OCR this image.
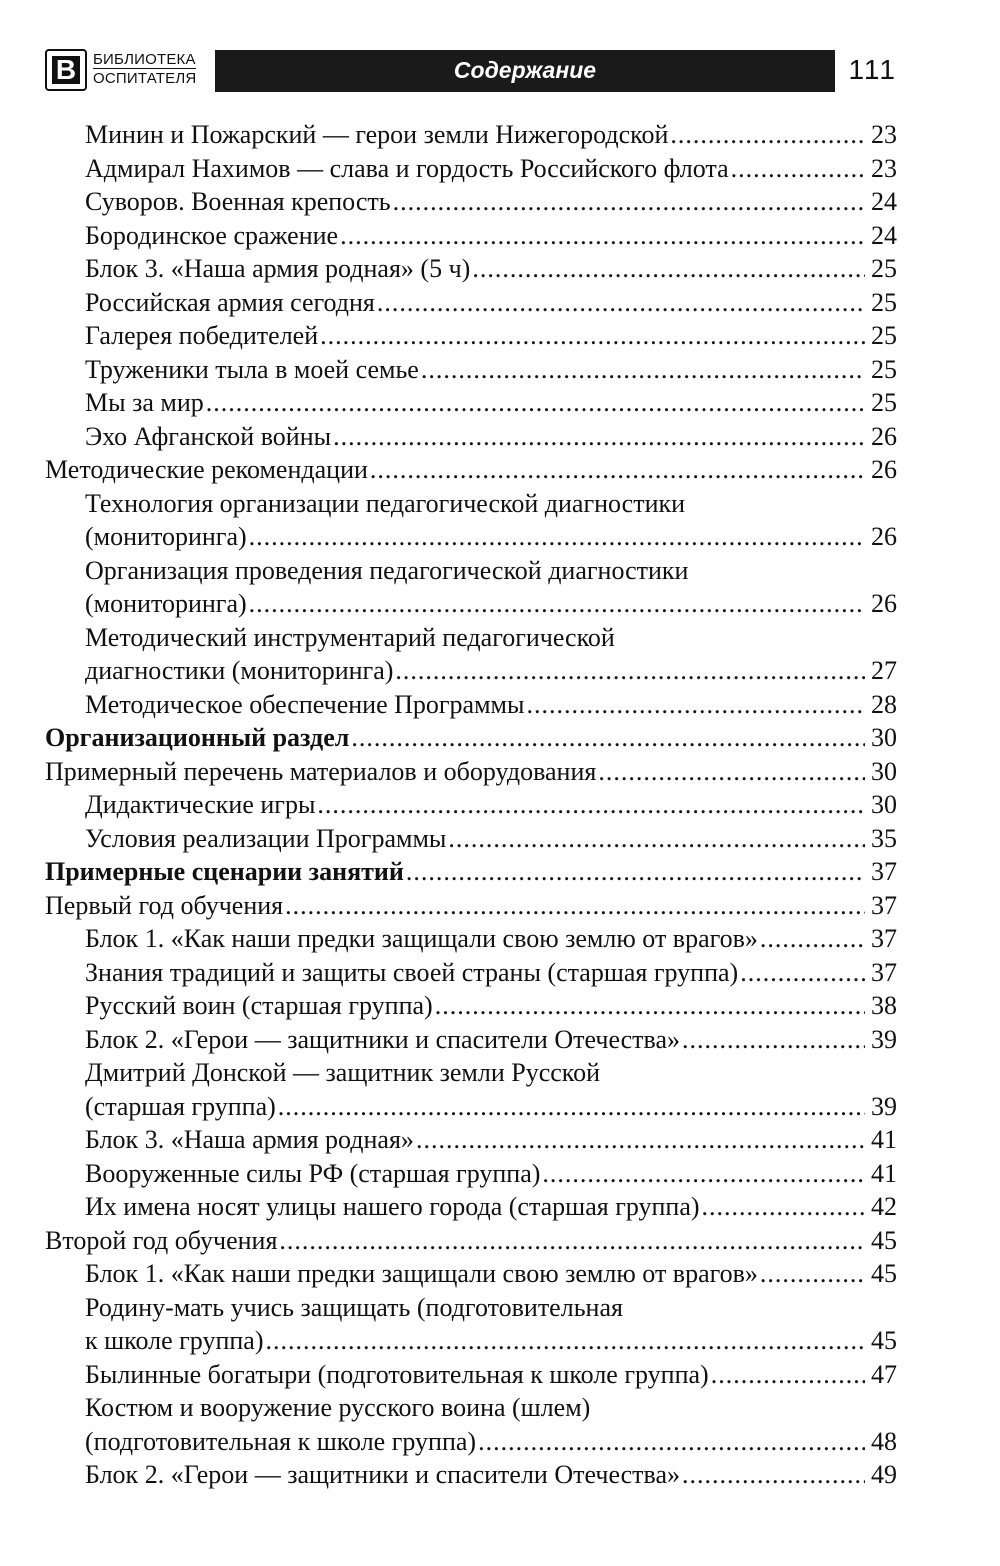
В БИБЛИОТЕКА
ОСПИТАТЕЛЯ	Содержание	111
Минин и Пожарский — герои земли Нижегородской .....	23
Адмирал Нахимов — слава и гордость Российского флота .....	23
Суворов. Военная крепость .....	24
Бородинское сражение .....	24
Блок 3. «Наша армия родная» (5 ч) .....	25
Российская армия сегодня .....	25
Галерея победителей .....	25
Труженики тыла в моей семье .....	25
Мы за мир .....	25
Эхо Афганской войны .....	26
Методические рекомендации .....	26
Технология организации педагогической диагностики
(мониторинга) .....	26
Организация проведения педагогической диагностики
(мониторинга) .....	26
Методический инструментарий педагогической
диагностики (мониторинга) .....	27
Методическое обеспечение Программы .....	28
Организационный раздел .....	30
Примерный перечень материалов и оборудования .....	30
Дидактические игры .....	30
Условия реализации Программы .....	35
Примерные сценарии занятий .....	37
Первый год обучения .....	37
Блок 1. «Как наши предки защищали свою землю от врагов» .....	37
Знания традиций и защиты своей страны (старшая группа) .....	37
Русский воин (старшая группа) .....	38
Блок 2. «Герои — защитники и спасители Отечества» .....	39
Дмитрий Донской — защитник земли Русской
(старшая группа) .....	39
Блок 3. «Наша армия родная» .....	41
Вооруженные силы РФ (старшая группа) .....	41
Их имена носят улицы нашего города (старшая группа) .....	42
Второй год обучения .....	45
Блок 1. «Как наши предки защищали свою землю от врагов» .....	45
Родину-мать учись защищать (подготовительная
к школе группа) .....	45
Былинные богатыри (подготовительная к школе группа) .....	47
Костюм и вооружение русского воина (шлем)
(подготовительная к школе группа) .....	48
Блок 2. «Герои — защитники и спасители Отечества» .....	49
